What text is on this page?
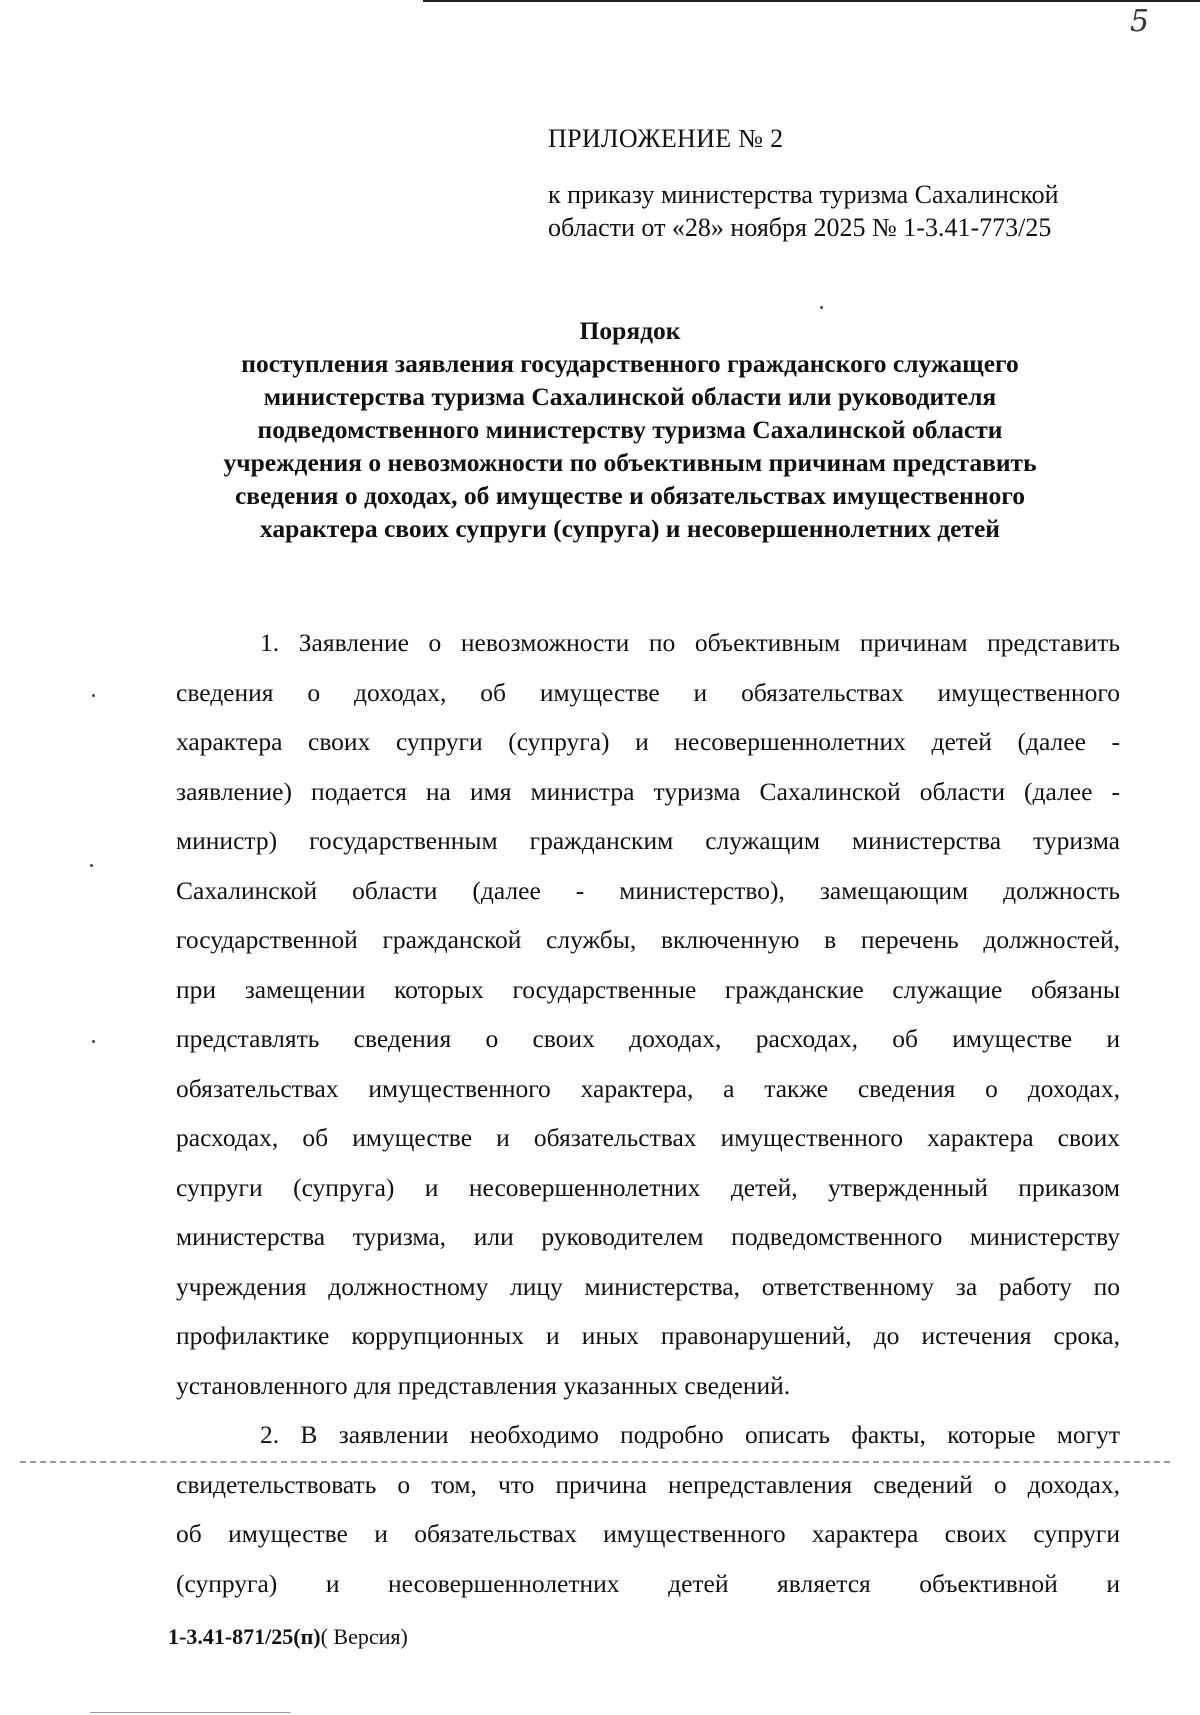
5
ПРИЛОЖЕНИЕ № 2
к приказу министерства туризма Сахалинской
области от «28» ноября 2025 № 1-3.41-773/25
Порядок
поступления заявления государственного гражданского служащего
министерства туризма Сахалинской области или руководителя
подведомственного министерству туризма Сахалинской области
учреждения о невозможности по объективным причинам представить
сведения о доходах, об имуществе и обязательствах имущественного
характера своих супруги (супруга) и несовершеннолетних детей
1. Заявление о невозможности по объективным причинам представить
сведения о доходах, об имуществе и обязательствах имущественного
характера своих супруги (супруга) и несовершеннолетних детей (далее -
заявление) подается на имя министра туризма Сахалинской области (далее -
министр) государственным гражданским служащим министерства туризма
Сахалинской области (далее - министерство), замещающим должность
государственной гражданской службы, включенную в перечень должностей,
при замещении которых государственные гражданские служащие обязаны
представлять сведения о своих доходах, расходах, об имуществе и
обязательствах имущественного характера, а также сведения о доходах,
расходах, об имуществе и обязательствах имущественного характера своих
супруги (супруга) и несовершеннолетних детей, утвержденный приказом
министерства туризма, или руководителем подведомственного министерству
учреждения должностному лицу министерства, ответственному за работу по
профилактике коррупционных и иных правонарушений, до истечения срока,
установленного для представления указанных сведений.
2. В заявлении необходимо подробно описать факты, которые могут
свидетельствовать о том, что причина непредставления сведений о доходах,
об имуществе и обязательствах имущественного характера своих супруги
(супруга) и несовершеннолетних детей является объективной и
1-3.41-871/25(п)( Версия)
